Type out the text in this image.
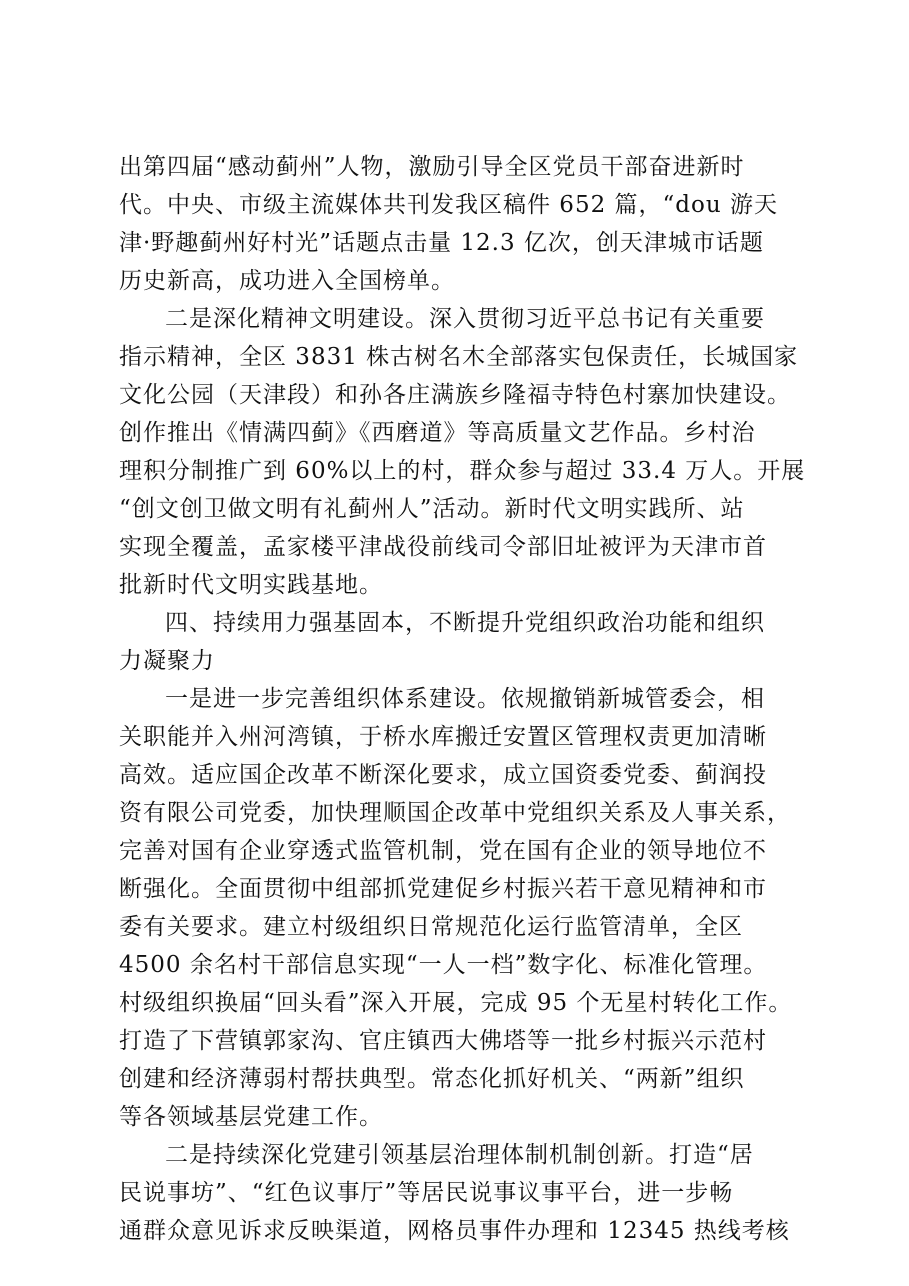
出第四届“感动蓟州”人物，激励引导全区党员干部奋进新时
代。中央、市级主流媒体共刊发我区稿件 652 篇，“dou 游天
津·野趣蓟州好村光”话题点击量 12.3 亿次，创天津城市话题
历史新高，成功进入全国榜单。
二是深化精神文明建设。深入贯彻习近平总书记有关重要
指示精神，全区 3831 株古树名木全部落实包保责任，长城国家
文化公园（天津段）和孙各庄满族乡隆福寺特色村寨加快建设。
创作推出《情满四蓟》《西磨道》等高质量文艺作品。乡村治
理积分制推广到 60%以上的村，群众参与超过 33.4 万人。开展
“创文创卫做文明有礼蓟州人”活动。新时代文明实践所、站
实现全覆盖，孟家楼平津战役前线司令部旧址被评为天津市首
批新时代文明实践基地。
四、持续用力强基固本，不断提升党组织政治功能和组织
力凝聚力
一是进一步完善组织体系建设。依规撤销新城管委会，相
关职能并入州河湾镇，于桥水库搬迁安置区管理权责更加清晰
高效。适应国企改革不断深化要求，成立国资委党委、蓟润投
资有限公司党委，加快理顺国企改革中党组织关系及人事关系，
完善对国有企业穿透式监管机制，党在国有企业的领导地位不
断强化。全面贯彻中组部抓党建促乡村振兴若干意见精神和市
委有关要求。建立村级组织日常规范化运行监管清单，全区
4500 余名村干部信息实现“一人一档”数字化、标准化管理。
村级组织换届“回头看”深入开展，完成 95 个无星村转化工作。
打造了下营镇郭家沟、官庄镇西大佛塔等一批乡村振兴示范村
创建和经济薄弱村帮扶典型。常态化抓好机关、“两新”组织
等各领域基层党建工作。
二是持续深化党建引领基层治理体制机制创新。打造“居
民说事坊”、“红色议事厅”等居民说事议事平台，进一步畅
通群众意见诉求反映渠道，网格员事件办理和 12345 热线考核
